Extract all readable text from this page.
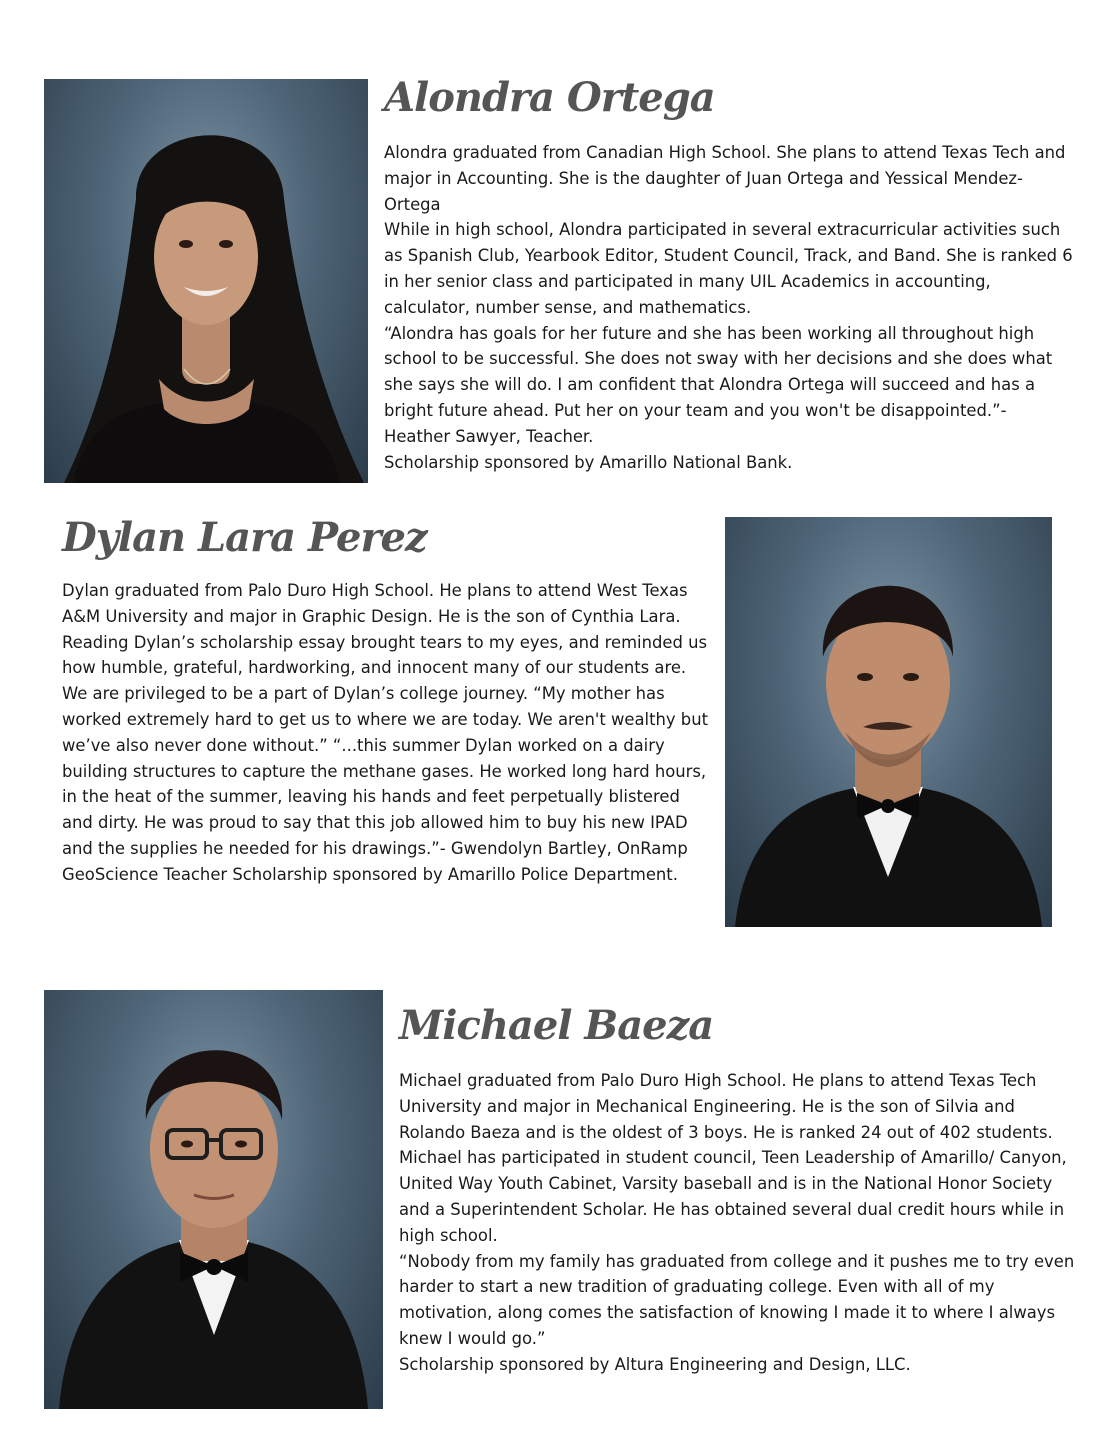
Alondra Ortega

Alondra graduated from Canadian High School. She plans to attend Texas Tech and major in Accounting. She is the daughter of Juan Ortega and Yessical Mendez-Ortega

While in high school, Alondra participated in several extracurricular activities such as Spanish Club, Yearbook Editor, Student Council, Track, and Band. She is ranked 6 in her senior class and participated in many UIL Academics in accounting, calculator, number sense, and mathematics.

“Alondra has goals for her future and she has been working all throughout high school to be successful. She does not sway with her decisions and she does what she says she will do. I am confident that Alondra Ortega will succeed and has a bright future ahead. Put her on your team and you won't be disappointed.”- Heather Sawyer, Teacher.

Scholarship sponsored by Amarillo National Bank.

Dylan Lara Perez

Dylan graduated from Palo Duro High School. He plans to attend West Texas A&M University and major in Graphic Design. He is the son of Cynthia Lara.

Reading Dylan’s scholarship essay brought tears to my eyes, and reminded us how humble, grateful, hardworking, and innocent many of our students are. We are privileged to be a part of Dylan’s college journey. “My mother has worked extremely hard to get us to where we are today. We aren't wealthy but we’ve also never done without.” “...this summer Dylan worked on a dairy building structures to capture the methane gases. He worked long hard hours, in the heat of the summer, leaving his hands and feet perpetually blistered and dirty. He was proud to say that this job allowed him to buy his new IPAD and the supplies he needed for his drawings.”- Gwendolyn Bartley, OnRamp GeoScience Teacher Scholarship sponsored by Amarillo Police Department.

Michael Baeza

Michael graduated from Palo Duro High School. He plans to attend Texas Tech University and major in Mechanical Engineering. He is the son of Silvia and Rolando Baeza and is the oldest of 3 boys. He is ranked 24 out of 402 students. Michael has participated in student council, Teen Leadership of Amarillo/ Canyon, United Way Youth Cabinet, Varsity baseball and is in the National Honor Society and a Superintendent Scholar. He has obtained several dual credit hours while in high school.

“Nobody from my family has graduated from college and it pushes me to try even harder to start a new tradition of graduating college. Even with all of my motivation, along comes the satisfaction of knowing I made it to where I always knew I would go.”

Scholarship sponsored by Altura Engineering and Design, LLC.
